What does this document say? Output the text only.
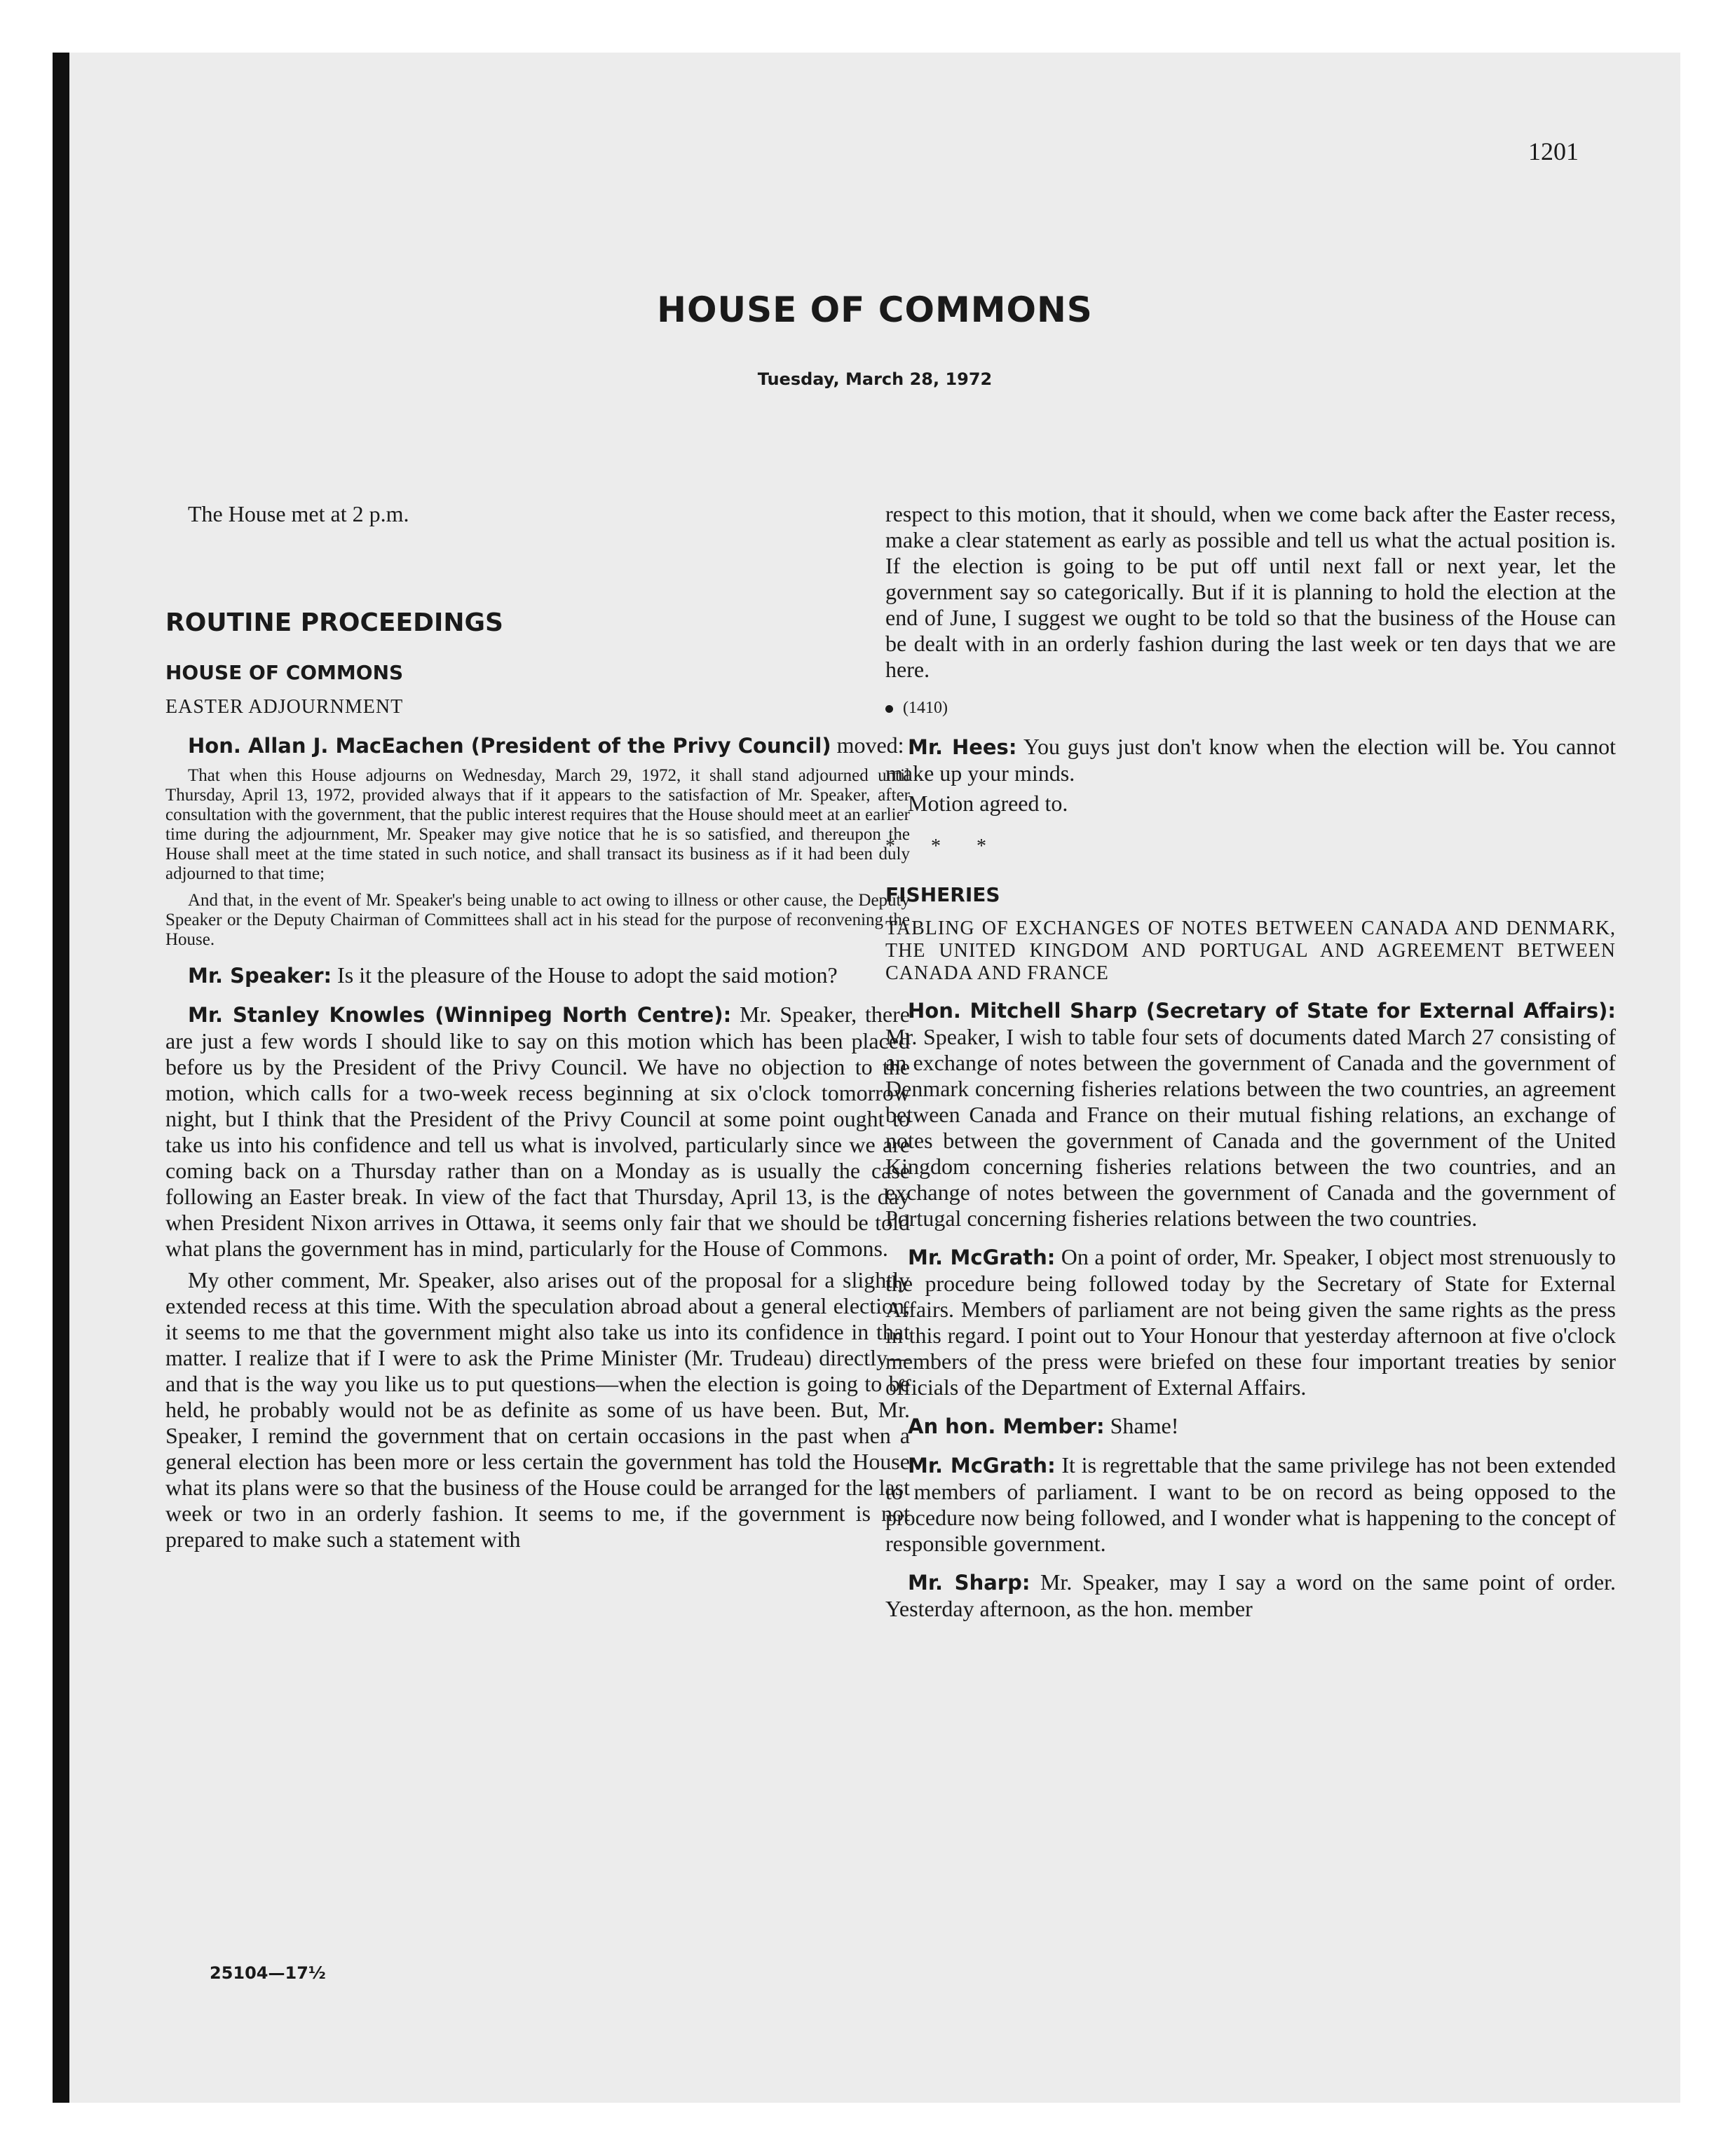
1201
HOUSE OF COMMONS
Tuesday, March 28, 1972

The House met at 2 p.m.

ROUTINE PROCEEDINGS

HOUSE OF COMMONS

EASTER ADJOURNMENT

Hon. Allan J. MacEachen (President of the Privy Council) moved:

That when this House adjourns on Wednesday, March 29, 1972, it shall stand adjourned until Thursday, April 13, 1972, provided always that if it appears to the satisfaction of Mr. Speaker, after consultation with the government, that the public interest requires that the House should meet at an earlier time during the adjournment, Mr. Speaker may give notice that he is so satisfied, and thereupon the House shall meet at the time stated in such notice, and shall transact its business as if it had been duly adjourned to that time;

And that, in the event of Mr. Speaker's being unable to act owing to illness or other cause, the Deputy Speaker or the Deputy Chairman of Committees shall act in his stead for the purpose of reconvening the House.

Mr. Speaker: Is it the pleasure of the House to adopt the said motion?

Mr. Stanley Knowles (Winnipeg North Centre): Mr. Speaker, there are just a few words I should like to say on this motion which has been placed before us by the President of the Privy Council. We have no objection to the motion, which calls for a two-week recess beginning at six o'clock tomorrow night, but I think that the President of the Privy Council at some point ought to take us into his confidence and tell us what is involved, particularly since we are coming back on a Thursday rather than on a Monday as is usually the case following an Easter break. In view of the fact that Thursday, April 13, is the day when President Nixon arrives in Ottawa, it seems only fair that we should be told what plans the government has in mind, particularly for the House of Commons.

My other comment, Mr. Speaker, also arises out of the proposal for a slightly extended recess at this time. With the speculation abroad about a general election, it seems to me that the government might also take us into its confidence in that matter. I realize that if I were to ask the Prime Minister (Mr. Trudeau) directly—and that is the way you like us to put questions—when the election is going to be held, he probably would not be as definite as some of us have been. But, Mr. Speaker, I remind the government that on certain occasions in the past when a general election has been more or less certain the government has told the House what its plans were so that the business of the House could be arranged for the last week or two in an orderly fashion. It seems to me, if the government is not prepared to make such a statement with

respect to this motion, that it should, when we come back after the Easter recess, make a clear statement as early as possible and tell us what the actual position is. If the election is going to be put off until next fall or next year, let the government say so categorically. But if it is planning to hold the election at the end of June, I suggest we ought to be told so that the business of the House can be dealt with in an orderly fashion during the last week or ten days that we are here.

(1410)

Mr. Hees: You guys just don't know when the election will be. You cannot make up your minds.

Motion agreed to.

* * *

FISHERIES

TABLING OF EXCHANGES OF NOTES BETWEEN CANADA AND DENMARK, THE UNITED KINGDOM AND PORTUGAL AND AGREEMENT BETWEEN CANADA AND FRANCE

Hon. Mitchell Sharp (Secretary of State for External Affairs): Mr. Speaker, I wish to table four sets of documents dated March 27 consisting of an exchange of notes between the government of Canada and the government of Denmark concerning fisheries relations between the two countries, an agreement between Canada and France on their mutual fishing relations, an exchange of notes between the government of Canada and the government of the United Kingdom concerning fisheries relations between the two countries, and an exchange of notes between the government of Canada and the government of Portugal concerning fisheries relations between the two countries.

Mr. McGrath: On a point of order, Mr. Speaker, I object most strenuously to the procedure being followed today by the Secretary of State for External Affairs. Members of parliament are not being given the same rights as the press in this regard. I point out to Your Honour that yesterday afternoon at five o'clock members of the press were briefed on these four important treaties by senior officials of the Department of External Affairs.

An hon. Member: Shame!

Mr. McGrath: It is regrettable that the same privilege has not been extended to members of parliament. I want to be on record as being opposed to the procedure now being followed, and I wonder what is happening to the concept of responsible government.

Mr. Sharp: Mr. Speaker, may I say a word on the same point of order. Yesterday afternoon, as the hon. member

25104—17½
